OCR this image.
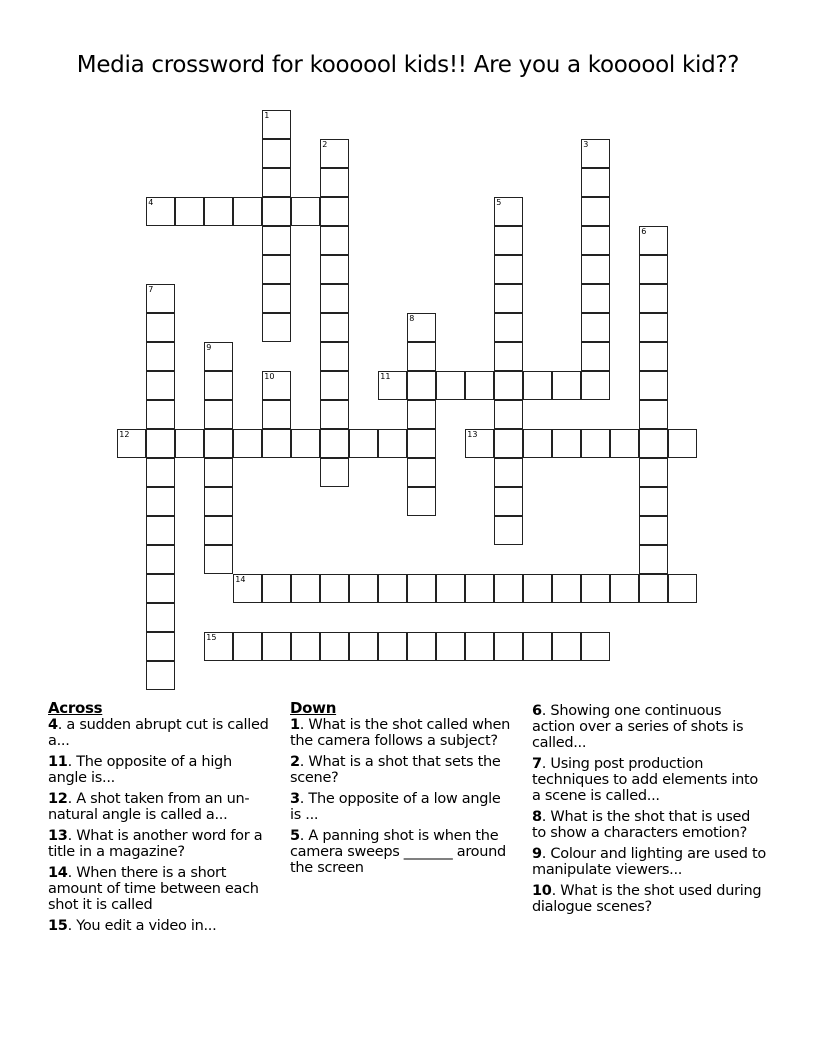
Media crossword for koooool kids!! Are you a koooool kid??
1
2	3
4	5
6
7
8
9
10	11
12	13
14
15
Across
4. a sudden abrupt cut is called a...
11. The opposite of a high angle is...
12. A shot taken from an un-natural angle is called a...
13. What is another word for a title in a magazine?
14. When there is a short amount of time between each shot it is called
15. You edit a video in...
Down
1. What is the shot called when the camera follows a subject?
2. What is a shot that sets the scene?
3. The opposite of a low angle is ...
5. A panning shot is when the camera sweeps _______ around the screen
6. Showing one continuous action over a series of shots is called...
7. Using post production techniques to add elements into a scene is called...
8. What is the shot that is used to show a characters emotion?
9. Colour and lighting are used to manipulate viewers...
10. What is the shot used during dialogue scenes?
